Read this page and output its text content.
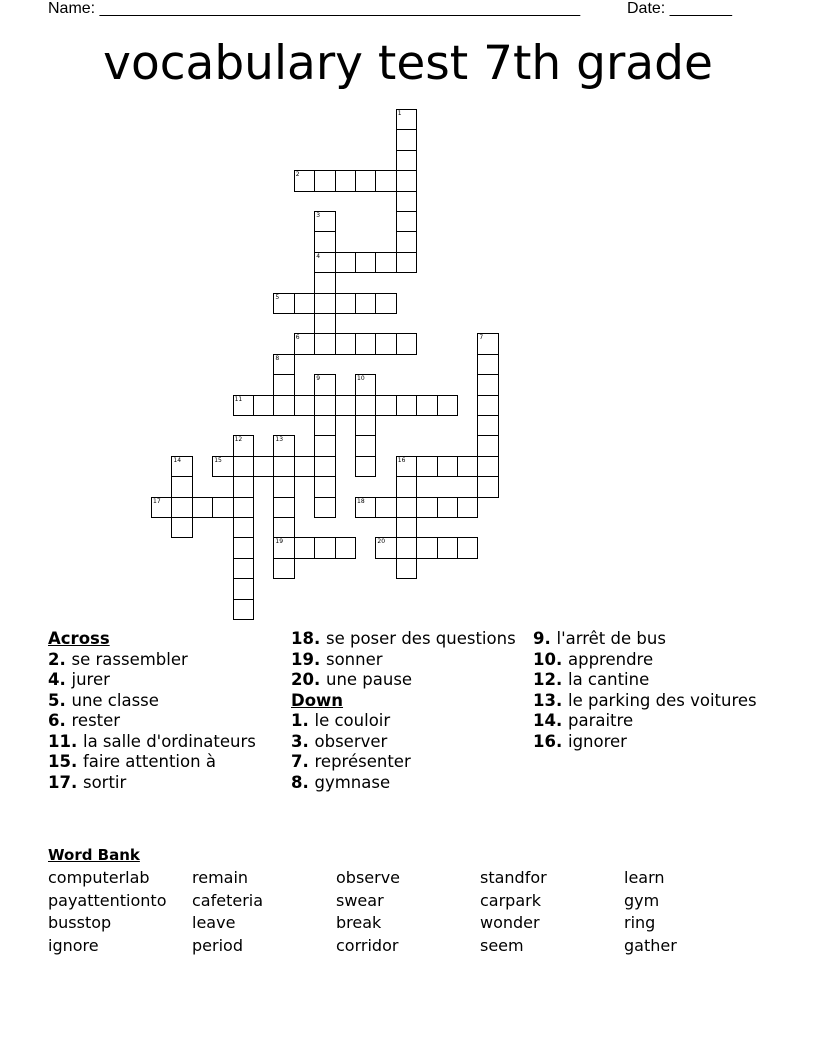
Name: ______________________________________________________	Date: _______
vocabulary test 7th grade
1
2
3
4
5
6	7
8
9	10
11
12	13
19
14	15	16
17	18
20
Across
2. se rassembler
4. jurer
5. une classe
6. rester
11. la salle d'ordinateurs
15. faire attention à
17. sortir
18. se poser des questions
19. sonner
20. une pause
Down
1. le couloir
3. observer
7. représenter
8. gymnase
9. l'arrêt de bus
10. apprendre
12. la cantine
13. le parking des voitures
14. paraitre
16. ignorer
Word Bank
computerlab	remain	observe	standfor	learn
payattentionto cafeteria	swear	carpark	gym
busstop	leave	break	wonder	ring
ignore	period	corridor	seem	gather
